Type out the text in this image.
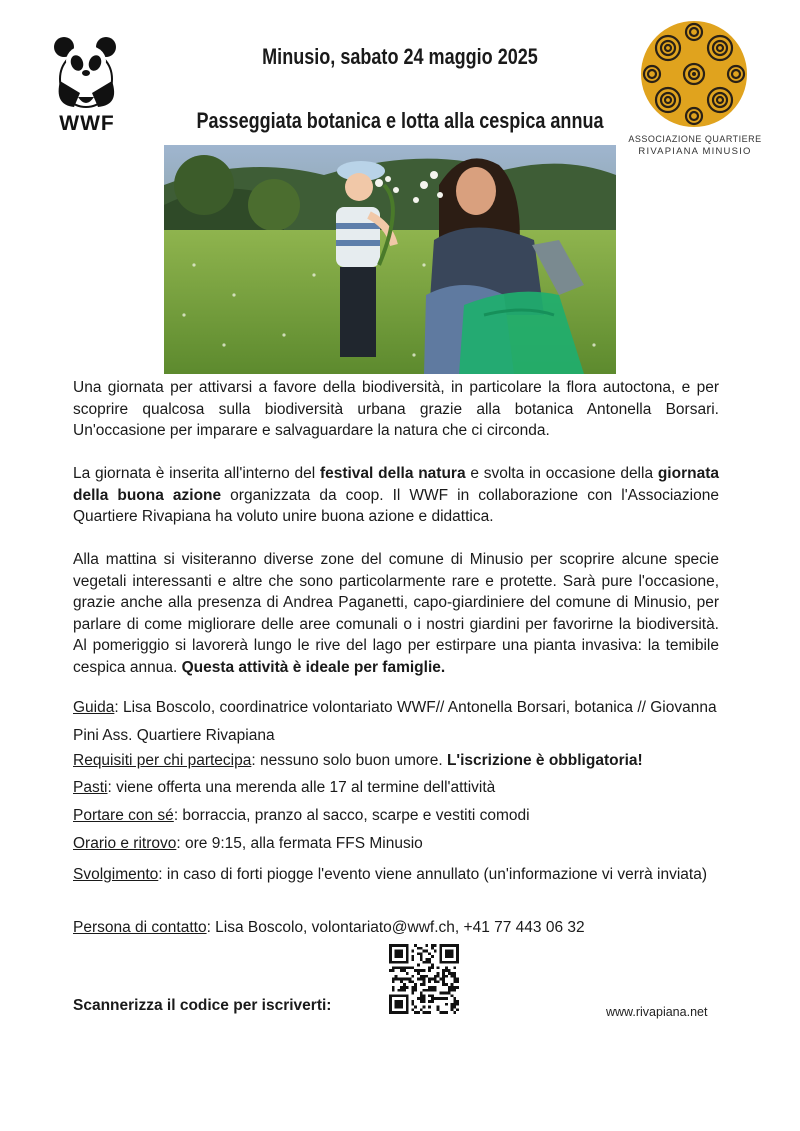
WWF
Minusio, sabato 24 maggio 2025
Passeggiata botanica e lotta alla cespica annua
ASSOCIAZIONE QUARTIERE
RIVAPIANA MINUSIO
Una giornata per attivarsi a favore della biodiversità, in particolare la flora autoctona, e per scoprire qualcosa sulla biodiversità urbana grazie alla botanica Antonella Borsari. Un'occasione per imparare e salvaguardare la natura che ci circonda.
La giornata è inserita all'interno del festival della natura e svolta in occasione della giornata della buona azione organizzata da coop. Il WWF in collaborazione con l'Associazione Quartiere Rivapiana ha voluto unire buona azione e didattica.
Alla mattina si visiteranno diverse zone del comune di Minusio per scoprire alcune specie vegetali interessanti e altre che sono particolarmente rare e protette. Sarà pure l'occasione, grazie anche alla presenza di Andrea Paganetti, capo-giardiniere del comune di Minusio, per parlare di come migliorare delle aree comunali o i nostri giardini per favorirne la biodiversità. Al pomeriggio si lavorerà lungo le rive del lago per estirpare una pianta invasiva: la temibile cespica annua. Questa attività è ideale per famiglie.
Guida: Lisa Boscolo, coordinatrice volontariato WWF// Antonella Borsari, botanica // Giovanna Pini Ass. Quartiere Rivapiana
Requisiti per chi partecipa: nessuno solo buon umore. L'iscrizione è obbligatoria!
Pasti: viene offerta una merenda alle 17 al termine dell'attività
Portare con sé: borraccia, pranzo al sacco, scarpe e vestiti comodi
Orario e ritrovo: ore 9:15, alla fermata FFS Minusio
Svolgimento: in caso di forti piogge l'evento viene annullato (un'informazione vi verrà inviata)
Persona di contatto: Lisa Boscolo, volontariato@wwf.ch, +41 77 443 06 32
Scannerizza il codice per iscriverti:	www.rivapiana.net
